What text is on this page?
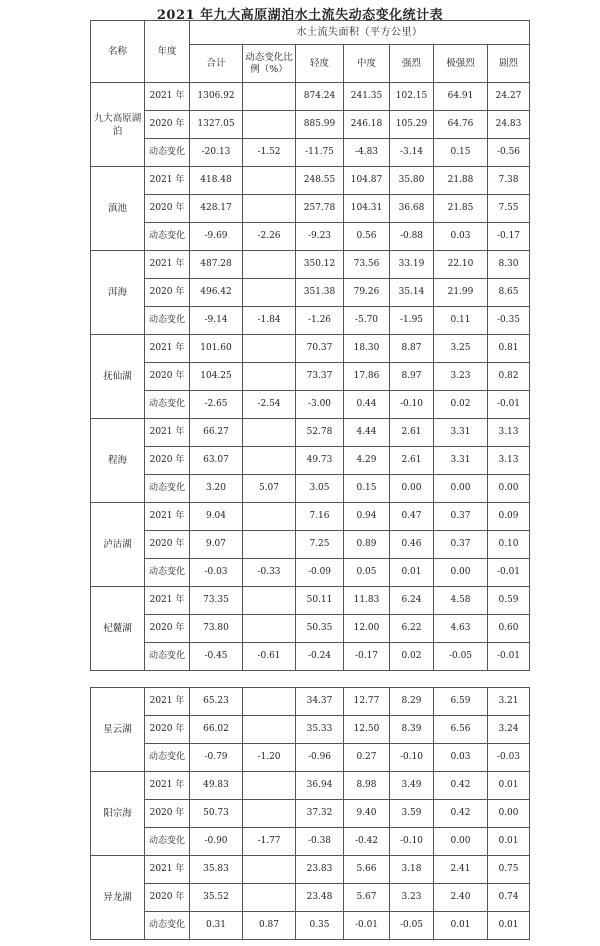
2021 年九大高原湖泊水土流失动态变化统计表
名称	年度	水土流失面积（平方公里）						
		合计	动态变化比例（%）	轻度	中度	强烈	极强烈	剧烈
九大高原湖泊	2021 年	1306.92		874.24	241.35	102.15	64.91	24.27
	2020 年	1327.05		885.99	246.18	105.29	64.76	24.83
	动态变化	-20.13	-1.52	-11.75	-4.83	-3.14	0.15	-0.56
滇池	2021 年	418.48		248.55	104.87	35.80	21.88	7.38
	2020 年	428.17		257.78	104.31	36.68	21.85	7.55
	动态变化	-9.69	-2.26	-9.23	0.56	-0.88	0.03	-0.17
洱海	2021 年	487.28		350.12	73.56	33.19	22.10	8.30
	2020 年	496.42		351.38	79.26	35.14	21.99	8.65
	动态变化	-9.14	-1.84	-1.26	-5.70	-1.95	0.11	-0.35
抚仙湖	2021 年	101.60		70.37	18.30	8.87	3.25	0.81
	2020 年	104.25		73.37	17.86	8.97	3.23	0.82
	动态变化	-2.65	-2.54	-3.00	0.44	-0.10	0.02	-0.01
程海	2021 年	66.27		52.78	4.44	2.61	3.31	3.13
	2020 年	63.07		49.73	4.29	2.61	3.31	3.13
	动态变化	3.20	5.07	3.05	0.15	0.00	0.00	0.00
泸沽湖	2021 年	9.04		7.16	0.94	0.47	0.37	0.09
	2020 年	9.07		7.25	0.89	0.46	0.37	0.10
	动态变化	-0.03	-0.33	-0.09	0.05	0.01	0.00	-0.01
杞麓湖	2021 年	73.35		50.11	11.83	6.24	4.58	0.59
	2020 年	73.80		50.35	12.00	6.22	4.63	0.60
	动态变化	-0.45	-0.61	-0.24	-0.17	0.02	-0.05	-0.01
星云湖	2021 年	65.23		34.37	12.77	8.29	6.59	3.21
	2020 年	66.02		35.33	12.50	8.39	6.56	3.24
	动态变化	-0.79	-1.20	-0.96	0.27	-0.10	0.03	-0.03
阳宗海	2021 年	49.83		36.94	8.98	3.49	0.42	0.01
	2020 年	50.73		37.32	9.40	3.59	0.42	0.00
	动态变化	-0.90	-1.77	-0.38	-0.42	-0.10	0.00	0.01
异龙湖	2021 年	35.83		23.83	5.66	3.18	2.41	0.75
	2020 年	35.52		23.48	5.67	3.23	2.40	0.74
	动态变化	0.31	0.87	0.35	-0.01	-0.05	0.01	0.01
